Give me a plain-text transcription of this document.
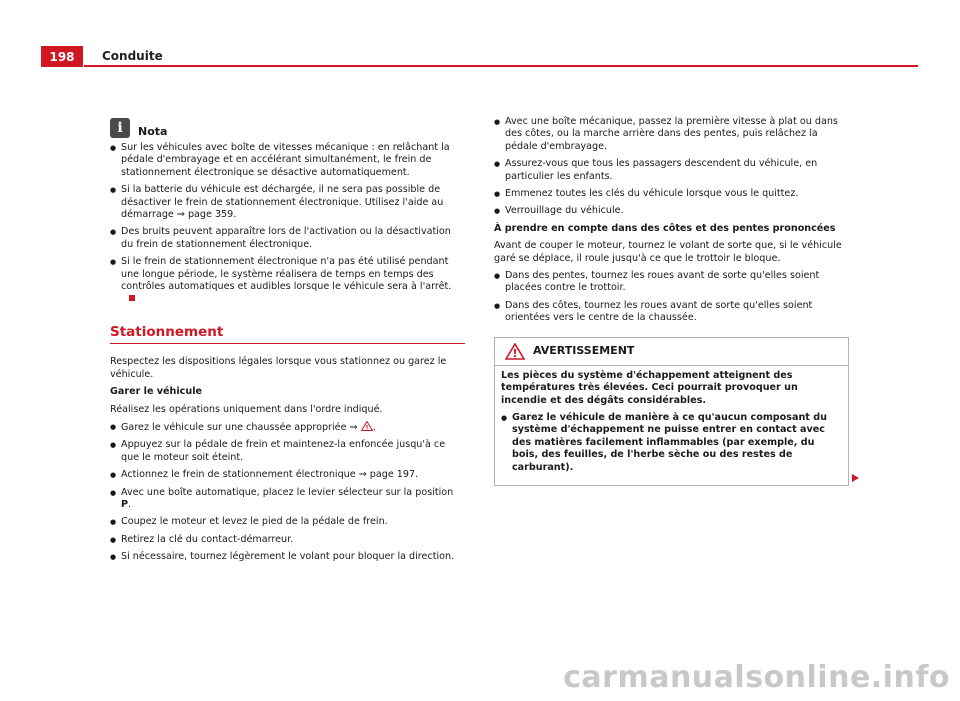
198	Conduite
i	Nota
● Sur les véhicules avec boîte de vitesses mécanique : en relâchant la pédale d'embrayage et en accélérant simultanément, le frein de stationnement électronique se désactive automatiquement.
● Si la batterie du véhicule est déchargée, il ne sera pas possible de désactiver le frein de stationnement électronique. Utilisez l'aide au démarrage ⇒ page 359.
● Des bruits peuvent apparaître lors de l'activation ou la désactivation du frein de stationnement électronique.
● Si le frein de stationnement électronique n'a pas été utilisé pendant une longue période, le système réalisera de temps en temps des contrôles automatiques et audibles lorsque le véhicule sera à l'arrêt.
Stationnement

Respectez les dispositions légales lorsque vous stationnez ou garez le véhicule.

Garer le véhicule

Réalisez les opérations uniquement dans l'ordre indiqué.

● Garez le véhicule sur une chaussée appropriée ⇒ ! .
● Appuyez sur la pédale de frein et maintenez-la enfoncée jusqu'à ce que le moteur soit éteint.
● Actionnez le frein de stationnement électronique ⇒ page 197.
● Avec une boîte automatique, placez le levier sélecteur sur la position P.
● Coupez le moteur et levez le pied de la pédale de frein.
● Retirez la clé du contact-démarreur.
● Si nécessaire, tournez légèrement le volant pour bloquer la direction.
● Avec une boîte mécanique, passez la première vitesse à plat ou dans des côtes, ou la marche arrière dans des pentes, puis relâchez la pédale d'embrayage.
● Assurez-vous que tous les passagers descendent du véhicule, en particulier les enfants.
● Emmenez toutes les clés du véhicule lorsque vous le quittez.
● Verrouillage du véhicule.

À prendre en compte dans des côtes et des pentes prononcées

Avant de couper le moteur, tournez le volant de sorte que, si le véhicule garé se déplace, il roule jusqu'à ce que le trottoir le bloque.

● Dans des pentes, tournez les roues avant de sorte qu'elles soient placées contre le trottoir.
● Dans des côtes, tournez les roues avant de sorte qu'elles soient orientées vers le centre de la chaussée.
! AVERTISSEMENT

Les pièces du système d'échappement atteignent des températures très élevées. Ceci pourrait provoquer un incendie et des dégâts considérables.

● Garez le véhicule de manière à ce qu'aucun composant du système d'échappement ne puisse entrer en contact avec des matières facilement inflammables (par exemple, du bois, des feuilles, de l'herbe sèche ou des restes de carburant).
carmanualsonline.info
